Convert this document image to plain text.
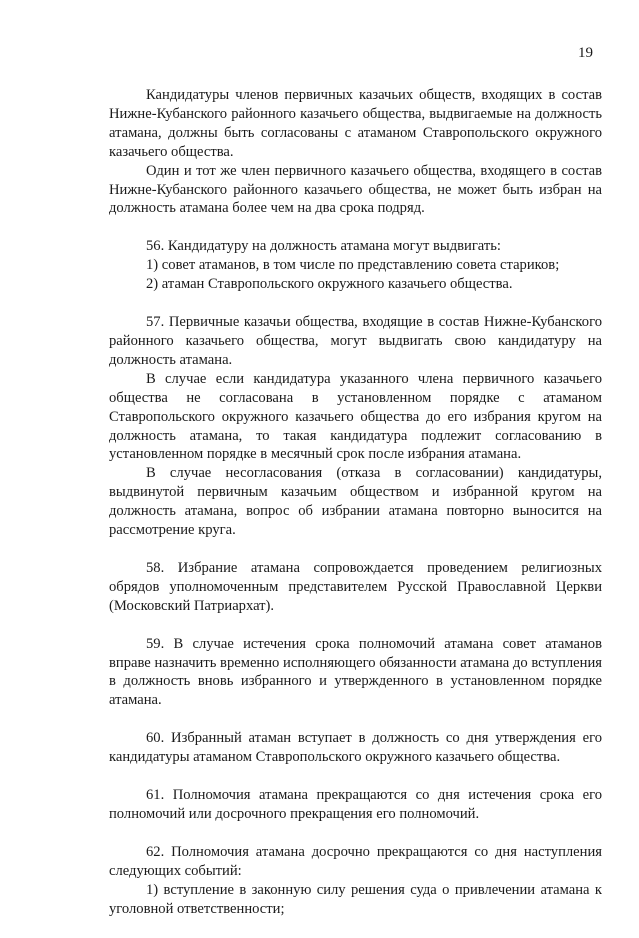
19

Кандидатуры членов первичных казачьих обществ, входящих в состав Нижне-Кубанского районного казачьего общества, выдвигаемые на должность атамана, должны быть согласованы с атаманом Ставропольского окружного казачьего общества.

Один и тот же член первичного казачьего общества, входящего в состав Нижне-Кубанского районного казачьего общества, не может быть избран на должность атамана более чем на два срока подряд.

56. Кандидатуру на должность атамана могут выдвигать:

1) совет атаманов, в том числе по представлению совета стариков;

2) атаман Ставропольского окружного казачьего общества.

57. Первичные казачьи общества, входящие в состав Нижне-Кубанского районного казачьего общества, могут выдвигать свою кандидатуру на должность атамана.

В случае если кандидатура указанного члена первичного казачьего общества не согласована в установленном порядке с атаманом Ставропольского окружного казачьего общества до его избрания кругом на должность атамана, то такая кандидатура подлежит согласованию в установленном порядке в месячный срок после избрания атамана.

В случае несогласования (отказа в согласовании) кандидатуры, выдвинутой первичным казачьим обществом и избранной кругом на должность атамана, вопрос об избрании атамана повторно выносится на рассмотрение круга.

58. Избрание атамана сопровождается проведением религиозных обрядов уполномоченным представителем Русской Православной Церкви (Московский Патриархат).

59. В случае истечения срока полномочий атамана совет атаманов вправе назначить временно исполняющего обязанности атамана до вступления в должность вновь избранного и утвержденного в установленном порядке атамана.

60. Избранный атаман вступает в должность со дня утверждения его кандидатуры атаманом Ставропольского окружного казачьего общества.

61. Полномочия атамана прекращаются со дня истечения срока его полномочий или досрочного прекращения его полномочий.

62. Полномочия атамана досрочно прекращаются со дня наступления следующих событий:

1) вступление в законную силу решения суда о привлечении атамана к уголовной ответственности;
